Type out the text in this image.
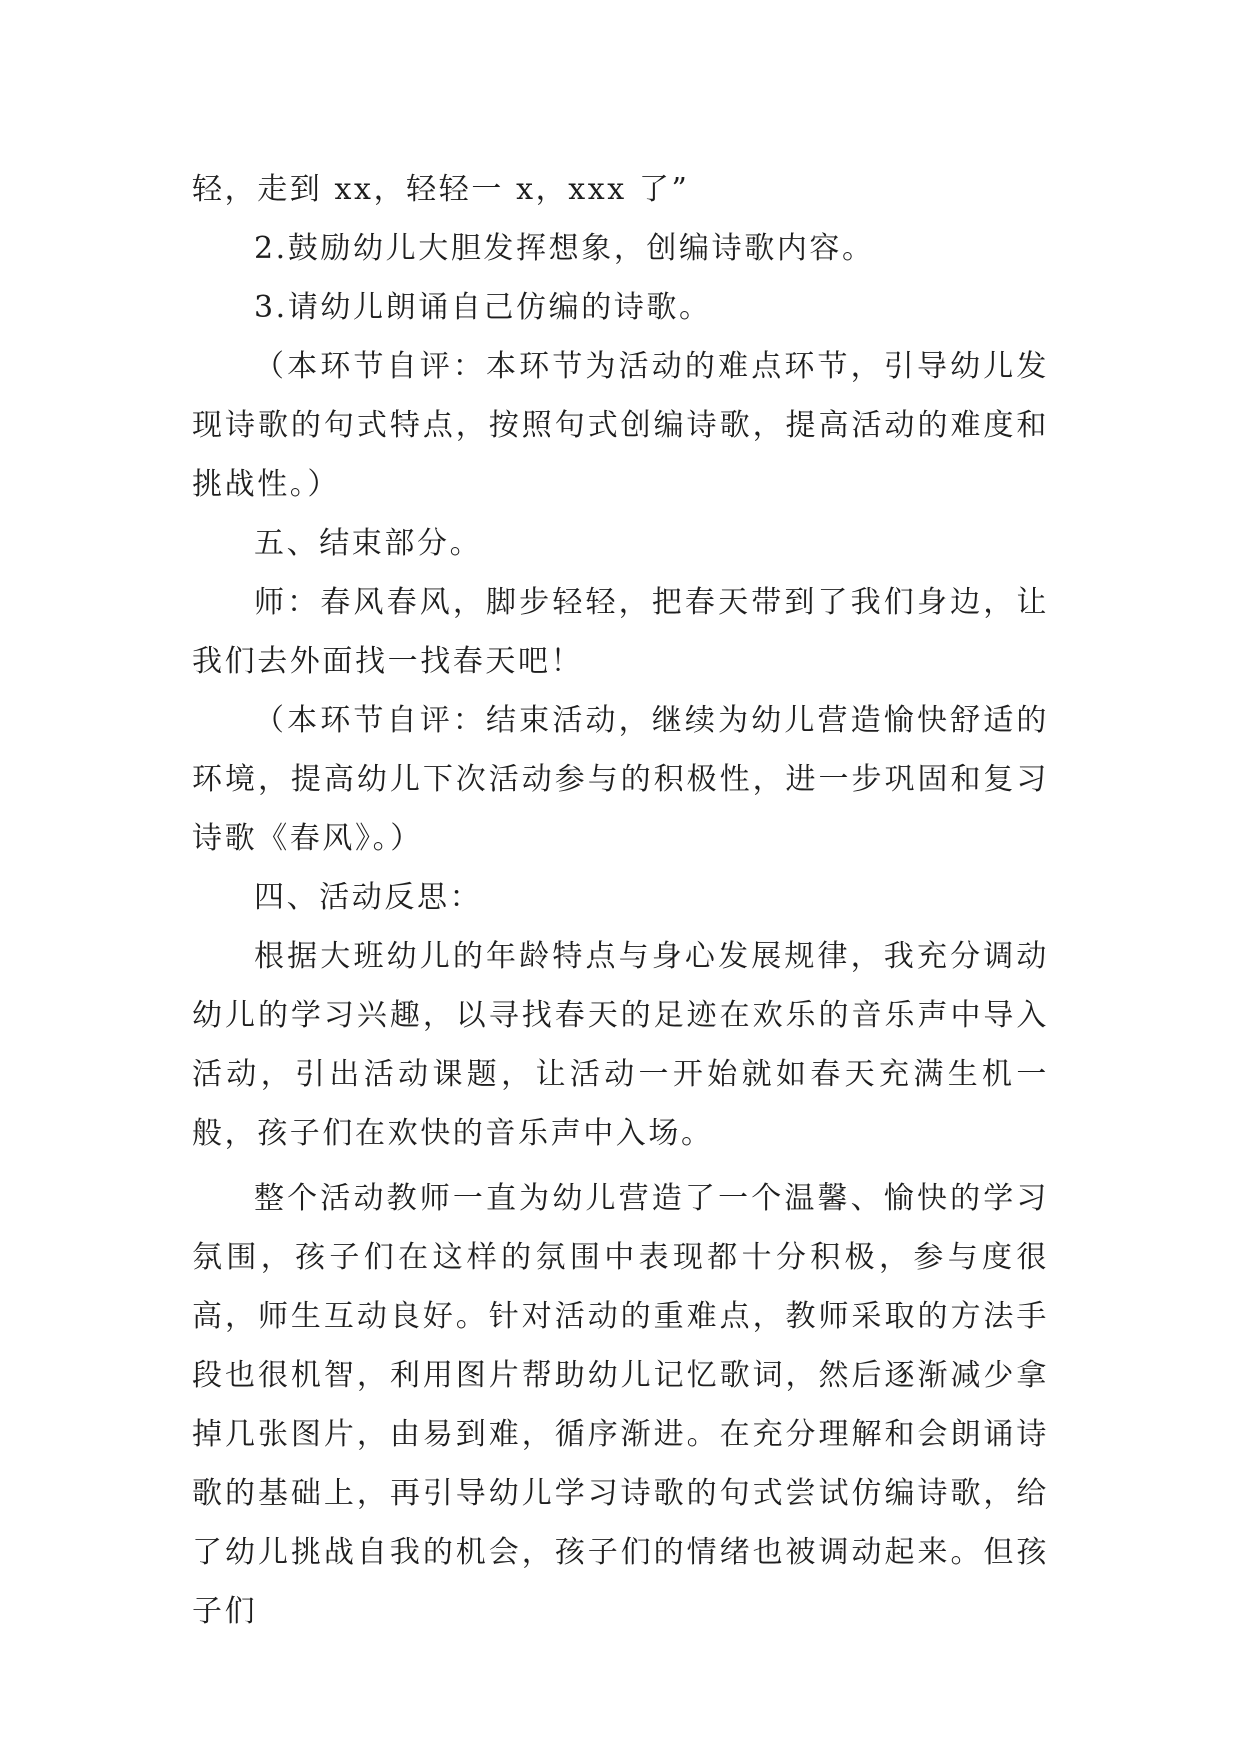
轻，走到 xx，轻轻一 x，xxx 了”

2.鼓励幼儿大胆发挥想象，创编诗歌内容。

3.请幼儿朗诵自己仿编的诗歌。

（本环节自评：本环节为活动的难点环节，引导幼儿发现诗歌的句式特点，按照句式创编诗歌，提高活动的难度和挑战性。）

五、结束部分。

师：春风春风，脚步轻轻，把春天带到了我们身边，让我们去外面找一找春天吧！

（本环节自评：结束活动，继续为幼儿营造愉快舒适的环境，提高幼儿下次活动参与的积极性，进一步巩固和复习诗歌《春风》。）

四、活动反思：

根据大班幼儿的年龄特点与身心发展规律，我充分调动幼儿的学习兴趣，以寻找春天的足迹在欢乐的音乐声中导入活动，引出活动课题，让活动一开始就如春天充满生机一般，孩子们在欢快的音乐声中入场。

整个活动教师一直为幼儿营造了一个温馨、愉快的学习氛围，孩子们在这样的氛围中表现都十分积极，参与度很高，师生互动良好。针对活动的重难点，教师采取的方法手段也很机智，利用图片帮助幼儿记忆歌词，然后逐渐减少拿掉几张图片，由易到难，循序渐进。在充分理解和会朗诵诗歌的基础上，再引导幼儿学习诗歌的句式尝试仿编诗歌，给了幼儿挑战自我的机会，孩子们的情绪也被调动起来。但孩子们
